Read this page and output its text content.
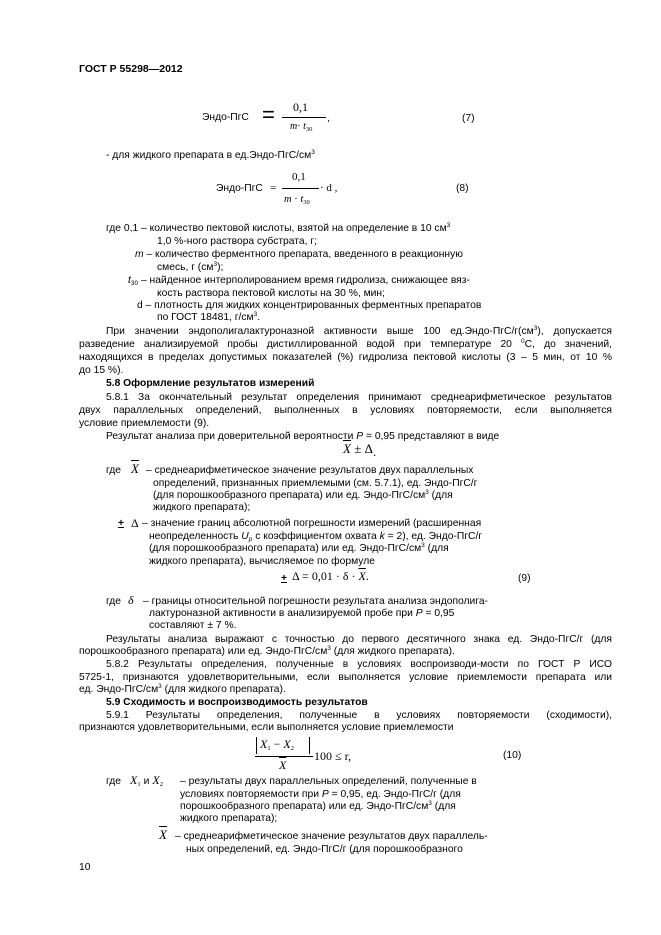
ГОСТ Р 55298—2012
Эндо-ПгС = 0,1
$m\cdot t_{30}$
,	(7)
- для жидкого препарата в $ед.Эндо-ПгС/см^3$
Эндо-ПгС =
0,1
$m \cdot t_{30}$
· d ,	(8)
где 0,1 – количество пектовой кислоты, взятой на определение в 10 $см^3$
1,0 %-ного раствора субстрата, г;
m – количество ферментного препарата, введенного в реакционную
смесь, г $(см^3)$;
$t_{30}$ – найденное интерполированием время гидролиза, снижающее вяз-
кость раствора пектовой кислоты на 30 %, мин;
d – плотность для жидких концентрированных ферментных препаратов
по ГОСТ 18481, $г/см^3$.
При значении эндополигалактуроназной активности выше 100 $ед.Эндо-ПгС/г(см^3)$, допускается
разведение анализируемой пробы дистиллированной водой при температуре 20 $^0$С, до значений,
находящихся в пределах допустимых показателей (%) гидролиза пектовой кислоты (3 – 5 мин, от 10 %
до 15 %).
5.8 Оформление результатов измерений
5.8.1 За окончательный результат определения принимают среднеарифметическое результатов
двух параллельных определений, выполненных в условиях повторяемости, если выполняется
условие приемлемости (9).
Результат анализа при доверительной вероятности P = 0,95 представляют в виде
$\overline{X} \pm \Delta$.
где $\overline{X}$ – среднеарифметическое значение результатов двух параллельных
определений, признанных приемлемыми (см. 5.7.1), ед. Эндо-ПгС/г
(для порошкообразного препарата) или ед. Эндо-$ПгС/см^3$ (для
жидкого препарата);
+ Δ – значение границ абсолютной погрешности измерений (расширенная
неопределенность $U_p$ с коэффициентом охвата k = 2), ед. Эндо-ПгС/г
(для порошкообразного препарата) или ед. Эндо-$ПгС/см^3$ (для
жидкого препарата), вычисляемое по формуле
+ $\Delta = 0,01 \cdot \delta \cdot \overline{X}$.	(9)
где δ – границы относительной погрешности результата анализа эндополига-
лактуроназной активности в анализируемой пробе при P = 0,95
составляют ± 7 %.
Результаты анализа выражают с точностью до первого десятичного знака ед. Эндо-ПгС/г (для
порошкообразного препарата) или ед. Эндо-$ПгС/см^3$ (для жидкого препарата).
5.8.2 Результаты определения, полученные в условиях воспроизводи-мости по ГОСТ Р ИСО
5725-1, признаются удовлетворительными, если выполняется условие приемлемости препарата или
ед. Эндо-$ПгС/см^3$ (для жидкого препарата).
5.9 Сходимость и воспроизводимость результатов
5.9.1 Результаты определения, полученные в условиях повторяемости (сходимости),
признаются удовлетворительными, если выполняется условие приемлемости
$X_1 - X_2$
$\overline{X}$
100 ≤ r,	(10)
где $X_1$ и $X_2$ – результаты двух параллельных определений, полученные в
условиях повторяемости при P = 0,95, ед. Эндо-ПгС/г (для
порошкообразного препарата) или ед. Эндо-$ПгС/см^3$ (для
жидкого препарата);
$\overline{X}$ – среднеарифметическое значение результатов двух параллель-
ных определений, ед. Эндо-ПгС/г (для порошкообразного
10
